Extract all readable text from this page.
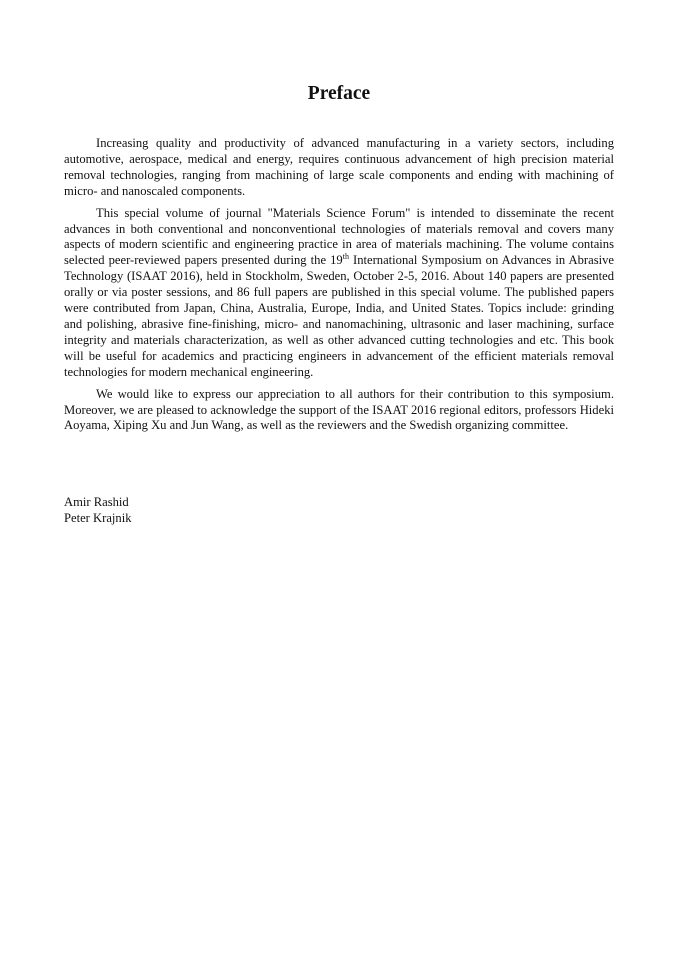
Preface

Increasing quality and productivity of advanced manufacturing in a variety sectors, including automotive, aerospace, medical and energy, requires continuous advancement of high precision material removal technologies, ranging from machining of large scale components and ending with machining of micro- and nanoscaled components.

This special volume of journal "Materials Science Forum" is intended to disseminate the recent advances in both conventional and nonconventional technologies of materials removal and covers many aspects of modern scientific and engineering practice in area of materials machining. The volume contains selected peer-reviewed papers presented during the 19th International Symposium on Advances in Abrasive Technology (ISAAT 2016), held in Stockholm, Sweden, October 2-5, 2016. About 140 papers are presented orally or via poster sessions, and 86 full papers are published in this special volume. The published papers were contributed from Japan, China, Australia, Europe, India, and United States. Topics include: grinding and polishing, abrasive fine-finishing, micro- and nanomachining, ultrasonic and laser machining, surface integrity and materials characterization, as well as other advanced cutting technologies and etc. This book will be useful for academics and practicing engineers in advancement of the efficient materials removal technologies for modern mechanical engineering.

We would like to express our appreciation to all authors for their contribution to this symposium. Moreover, we are pleased to acknowledge the support of the ISAAT 2016 regional editors, professors Hideki Aoyama, Xiping Xu and Jun Wang, as well as the reviewers and the Swedish organizing committee.

Amir Rashid
Peter Krajnik
